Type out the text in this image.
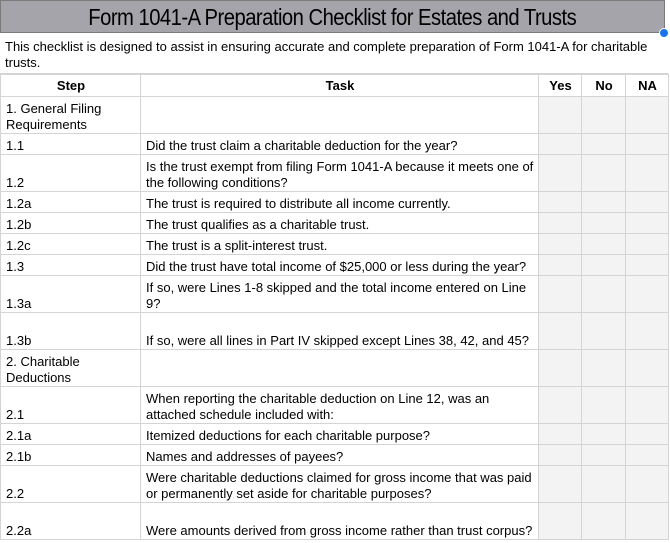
Form 1041-A Preparation Checklist for Estates and Trusts
This checklist is designed to assist in ensuring accurate and complete preparation of Form 1041-A for charitable trusts.
Step	Task	Yes	No	NA
1. General Filing Requirements				
1.1	Did the trust claim a charitable deduction for the year?			
1.2	Is the trust exempt from filing Form 1041-A because it meets one of the following conditions?			
1.2a	The trust is required to distribute all income currently.			
1.2b	The trust qualifies as a charitable trust.			
1.2c	The trust is a split-interest trust.			
1.3	Did the trust have total income of $25,000 or less during the year?			
1.3a	If so, were Lines 1-8 skipped and the total income entered on Line 9?			
1.3b	If so, were all lines in Part IV skipped except Lines 38, 42, and 45?			
2. Charitable Deductions				
2.1	When reporting the charitable deduction on Line 12, was an attached schedule included with:			
2.1a	Itemized deductions for each charitable purpose?			
2.1b	Names and addresses of payees?			
2.2	Were charitable deductions claimed for gross income that was paid or permanently set aside for charitable purposes?			
2.2a	Were amounts derived from gross income rather than trust corpus?			
